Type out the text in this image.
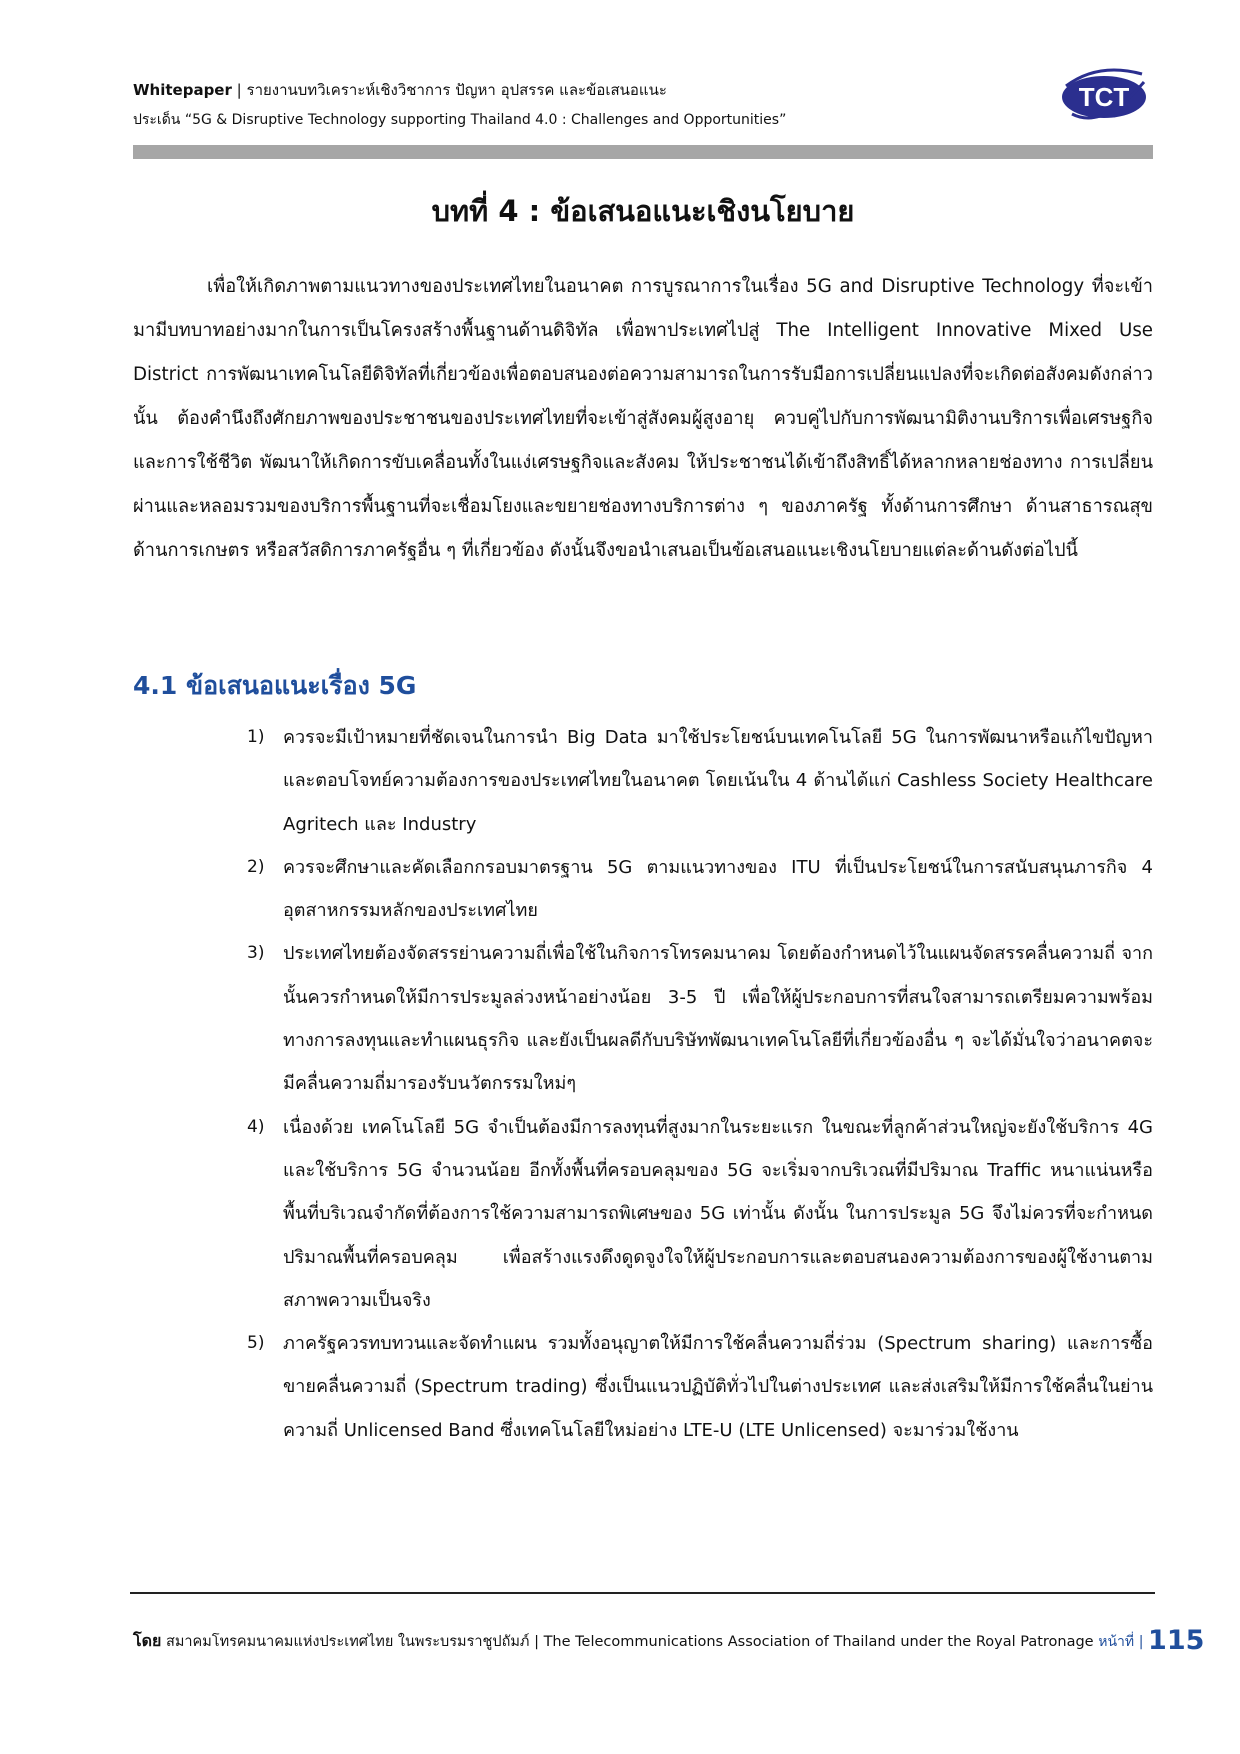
Whitepaper | รายงานบทวิเคราะห์เชิงวิชาการ ปัญหา อุปสรรค และข้อเสนอแนะ
ประเด็น “5G & Disruptive Technology supporting Thailand 4.0 : Challenges and Opportunities”
TCT
บทที่ 4 : ข้อเสนอแนะเชิงนโยบาย

เพื่อให้เกิดภาพตามแนวทางของประเทศไทยในอนาคต การบูรณาการในเรื่อง 5G and Disruptive Technology ที่จะเข้ามามีบทบาทอย่างมากในการเป็นโครงสร้างพื้นฐานด้านดิจิทัล เพื่อพาประเทศไปสู่ The Intelligent Innovative Mixed Use District การพัฒนาเทคโนโลยีดิจิทัลที่เกี่ยวข้องเพื่อตอบสนองต่อความสามารถในการรับมือการเปลี่ยนแปลงที่จะเกิดต่อสังคมดังกล่าวนั้น ต้องคำนึงถึงศักยภาพของประชาชนของประเทศไทยที่จะเข้าสู่สังคมผู้สูงอายุ ควบคู่ไปกับการพัฒนามิติงานบริการเพื่อเศรษฐกิจและการใช้ชีวิต พัฒนาให้เกิดการขับเคลื่อนทั้งในแง่เศรษฐกิจและสังคม ให้ประชาชนได้เข้าถึงสิทธิ์ได้หลากหลายช่องทาง การเปลี่ยนผ่านและหลอมรวมของบริการพื้นฐานที่จะเชื่อมโยงและขยายช่องทางบริการต่าง ๆ ของภาครัฐ ทั้งด้านการศึกษา ด้านสาธารณสุข ด้านการเกษตร หรือสวัสดิการภาครัฐอื่น ๆ ที่เกี่ยวข้อง ดังนั้นจึงขอนำเสนอเป็นข้อเสนอแนะเชิงนโยบายแต่ละด้านดังต่อไปนี้

4.1 ข้อเสนอแนะเรื่อง 5G
1) ควรจะมีเป้าหมายที่ชัดเจนในการนำ Big Data มาใช้ประโยชน์บนเทคโนโลยี 5G ในการพัฒนาหรือแก้ไขปัญหาและตอบโจทย์ความต้องการของประเทศไทยในอนาคต โดยเน้นใน 4 ด้านได้แก่ Cashless Society Healthcare Agritech และ Industry
2) ควรจะศึกษาและคัดเลือกกรอบมาตรฐาน 5G ตามแนวทางของ ITU ที่เป็นประโยชน์ในการสนับสนุนภารกิจ 4 อุตสาหกรรมหลักของประเทศไทย
3) ประเทศไทยต้องจัดสรรย่านความถี่เพื่อใช้ในกิจการโทรคมนาคม โดยต้องกำหนดไว้ในแผนจัดสรรคลื่นความถี่ จากนั้นควรกำหนดให้มีการประมูลล่วงหน้าอย่างน้อย 3-5 ปี เพื่อให้ผู้ประกอบการที่สนใจสามารถเตรียมความพร้อมทางการลงทุนและทำแผนธุรกิจ และยังเป็นผลดีกับบริษัทพัฒนาเทคโนโลยีที่เกี่ยวข้องอื่น ๆ จะได้มั่นใจว่าอนาคตจะมีคลื่นความถี่มารองรับนวัตกรรมใหม่ๆ
4) เนื่องด้วย เทคโนโลยี 5G จำเป็นต้องมีการลงทุนที่สูงมากในระยะแรก ในขณะที่ลูกค้าส่วนใหญ่จะยังใช้บริการ 4G และใช้บริการ 5G จำนวนน้อย อีกทั้งพื้นที่ครอบคลุมของ 5G จะเริ่มจากบริเวณที่มีปริมาณ Traffic หนาแน่นหรือพื้นที่บริเวณจำกัดที่ต้องการใช้ความสามารถพิเศษของ 5G เท่านั้น ดังนั้น ในการประมูล 5G จึงไม่ควรที่จะกำหนดปริมาณพื้นที่ครอบคลุม เพื่อสร้างแรงดึงดูดจูงใจให้ผู้ประกอบการและตอบสนองความต้องการของผู้ใช้งานตามสภาพความเป็นจริง
5) ภาครัฐควรทบทวนและจัดทำแผน รวมทั้งอนุญาตให้มีการใช้คลื่นความถี่ร่วม (Spectrum sharing) และการซื้อขายคลื่นความถี่ (Spectrum trading) ซึ่งเป็นแนวปฏิบัติทั่วไปในต่างประเทศ และส่งเสริมให้มีการใช้คลื่นในย่านความถี่ Unlicensed Band ซึ่งเทคโนโลยีใหม่อย่าง LTE-U (LTE Unlicensed) จะมาร่วมใช้งาน
โดย สมาคมโทรคมนาคมแห่งประเทศไทย ในพระบรมราชูปถัมภ์ | The Telecommunications Association of Thailand under the Royal Patronage หน้าที่ | 115
